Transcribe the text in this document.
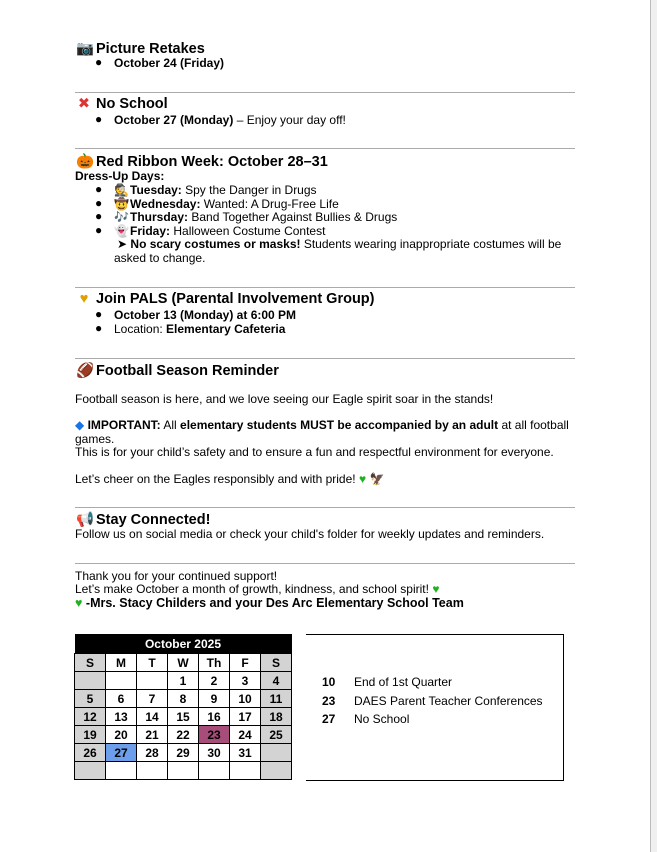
📷 Picture Retakes
● October 24 (Friday)
✖ No School
● October 27 (Monday) – Enjoy your day off!
🎃 Red Ribbon Week: October 28–31
Dress-Up Days:
● 🕵Tuesday: Spy the Danger in Drugs
● 🤠Wednesday: Wanted: A Drug-Free Life
● 🎶Thursday: Band Together Against Bullies & Drugs
● 👻Friday: Halloween Costume Contest
➤ No scary costumes or masks! Students wearing inappropriate costumes will be
asked to change.
♥ Join PALS (Parental Involvement Group)
● October 13 (Monday) at 6:00 PM
● Location: Elementary Cafeteria
🏈 Football Season Reminder
Football season is here, and we love seeing our Eagle spirit soar in the stands!
◆ IMPORTANT: All elementary students MUST be accompanied by an adult at all football
games.
This is for your child’s safety and to ensure a fun and respectful environment for everyone.
Let’s cheer on the Eagles responsibly and with pride! ♥ 🦅
📢 Stay Connected!
Follow us on social media or check your child's folder for weekly updates and reminders.
Thank you for your continued support!
Let’s make October a month of growth, kindness, and school spirit! ♥
♥ -Mrs. Stacy Childers and your Des Arc Elementary School Team
October 2025						
S	M	T	W	Th	F	S
			1	2	3	4
5	6	7	8	9	10	11
12	13	14	15	16	17	18
19	20	21	22	23	24	25
26	27	28	29	30	31	

10 End of 1st Quarter
23 DAES Parent Teacher Conferences
27 No School
